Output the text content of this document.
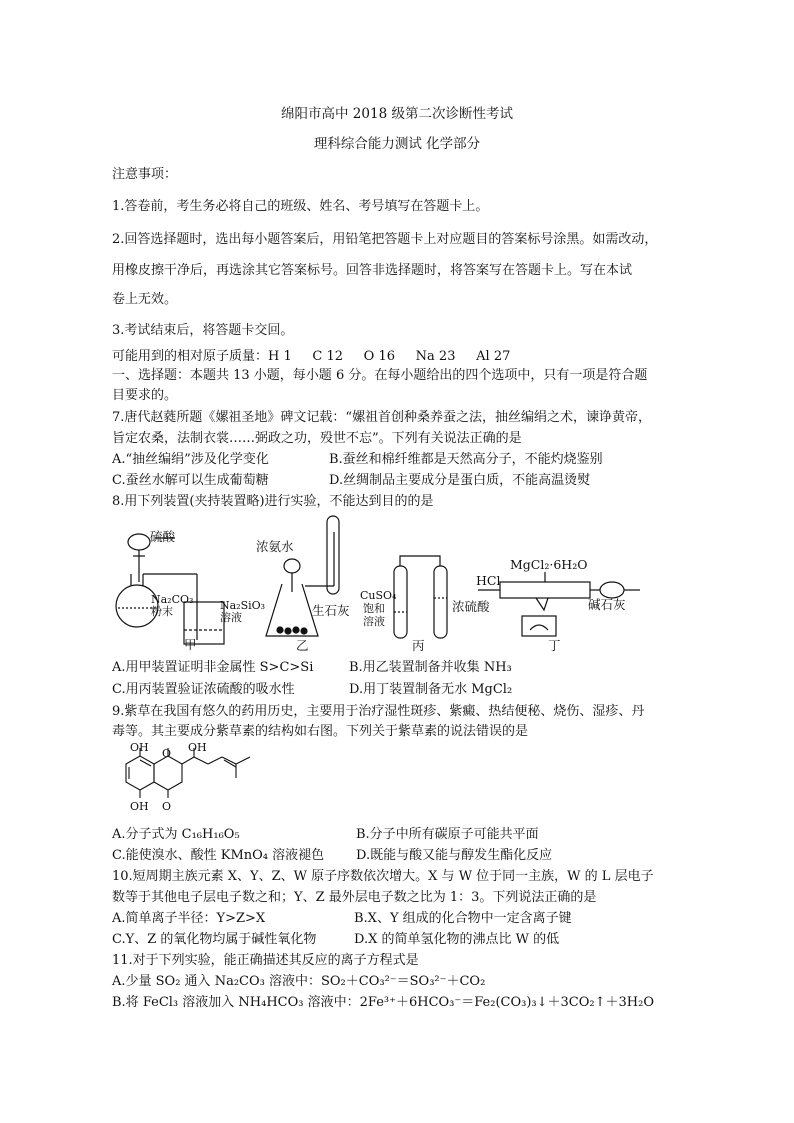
绵阳市高中 2018 级第二次诊断性考试
理科综合能力测试 化学部分
注意事项：
1.答卷前，考生务必将自己的班级、姓名、考号填写在答题卡上。
2.回答选择题时，选出每小题答案后，用铅笔把答题卡上对应题目的答案标号涂黑。如需改动，
用橡皮擦干净后，再选涂其它答案标号。回答非选择题时，将答案写在答题卡上。写在本试
卷上无效。
3.考试结束后，将答题卡交回。
可能用到的相对原子质量：H 1     C 12     O 16     Na 23     Al 27
一、选择题：本题共 13 小题，每小题 6 分。在每小题给出的四个选项中，只有一项是符合题
目要求的。
7.唐代赵蕤所题《嫘祖圣地》碑文记载：“嫘祖首创种桑养蚕之法，抽丝编绢之术，谏诤黄帝，
旨定农桑，法制衣裳……弼政之功，殁世不忘”。下列有关说法正确的是
A.“抽丝编绢”涉及化学变化	B.蚕丝和棉纤维都是天然高分子，不能灼烧鉴别
C.蚕丝水解可以生成葡萄糖	D.丝绸制品主要成分是蛋白质，不能高温烫熨
8.用下列装置(夹持装置略)进行实验，不能达到目的的是
硫酸
Na₂CO₃
粉末	Na₂SiO₃
溶液
甲
浓氨水
生石灰
乙
CuSO₄
饱和
溶液
浓硫酸
丙
HCl
MgCl₂·6H₂O
碱石灰
丁
A.用甲装置证明非金属性 S>C>Si	B.用乙装置制备并收集 NH₃
C.用丙装置验证浓硫酸的吸水性	D.用丁装置制备无水 MgCl₂
9.紫草在我国有悠久的药用历史，主要用于治疗湿性斑疹、紫癜、热结便秘、烧伤、湿疹、丹
毒等。其主要成分紫草素的结构如右图。下列关于紫草素的说法错误的是
OH O OH
OH O
A.分子式为 C₁₆H₁₆O₅	B.分子中所有碳原子可能共平面
C.能使溴水、酸性 KMnO₄ 溶液褪色 D.既能与酸又能与醇发生酯化反应
10.短周期主族元素 X、Y、Z、W 原子序数依次增大。X 与 W 位于同一主族，W 的 L 层电子
数等于其他电子层电子数之和；Y、Z 最外层电子数之比为 1：3。下列说法正确的是
A.简单离子半径：Y>Z>X	B.X、Y 组成的化合物中一定含离子键
C.Y、Z 的氧化物均属于碱性氧化物	D.X 的简单氢化物的沸点比 W 的低
11.对于下列实验，能正确描述其反应的离子方程式是
A.少量 SO₂ 通入 Na₂CO₃ 溶液中：SO₂＋CO₃²⁻＝SO₃²⁻＋CO₂
B.将 FeCl₃ 溶液加入 NH₄HCO₃ 溶液中：2Fe³⁺＋6HCO₃⁻＝Fe₂(CO₃)₃↓＋3CO₂↑＋3H₂O
